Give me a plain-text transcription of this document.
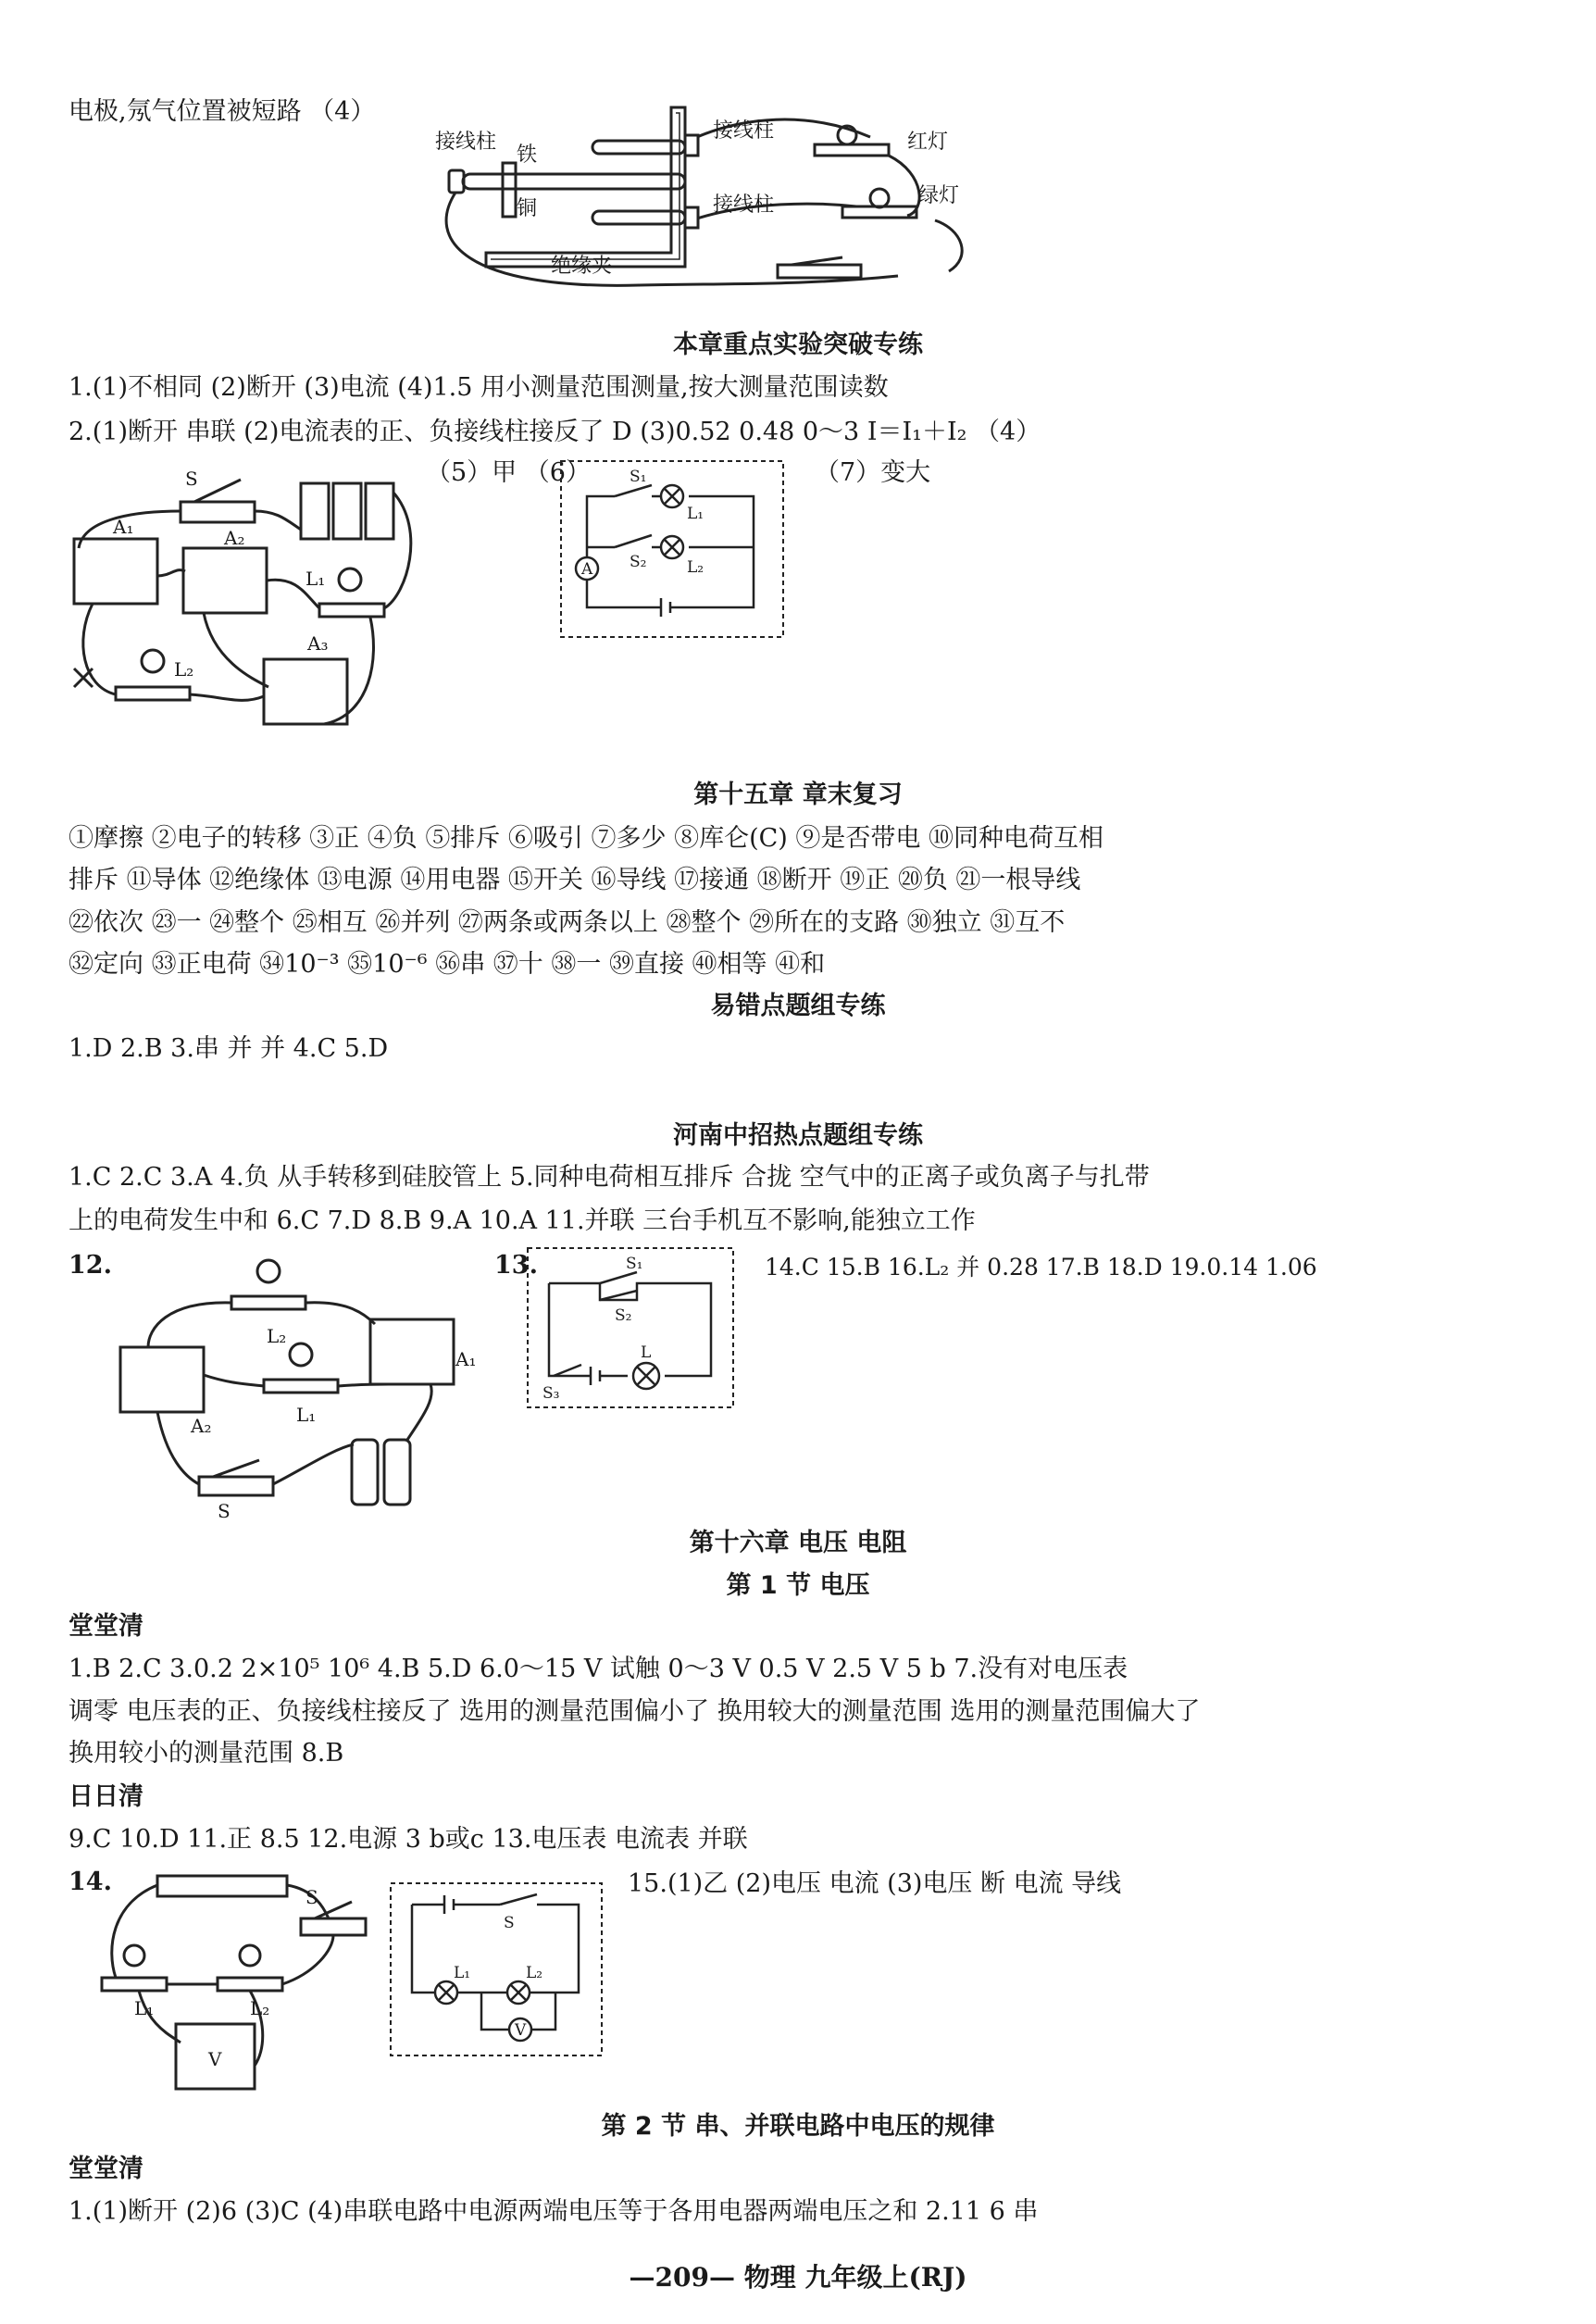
电极,氖气位置被短路 （4）
接线柱
铁
铜
接线柱	红灯
接线柱	绿灯
绝缘夹
本章重点实验突破专练
1.(1)不相同 (2)断开 (3)电流 (4)1.5 用小测量范围测量,按大测量范围读数
2.(1)断开 串联 (2)电流表的正、负接线柱接反了 D (3)0.52 0.48 0～3 I＝I₁＋I₂ （4）
（5）甲 （6）	（7）变大
S
A₁	A₂
A₃
L₁
L₂
S₁
S₂
L₁
L₂
A
第十五章 章末复习
①摩擦 ②电子的转移 ③正 ④负 ⑤排斥 ⑥吸引 ⑦多少 ⑧库仑(C) ⑨是否带电 ⑩同种电荷互相
排斥 ⑪导体 ⑫绝缘体 ⑬电源 ⑭用电器 ⑮开关 ⑯导线 ⑰接通 ⑱断开 ⑲正 ⑳负 ㉑一根导线
㉒依次 ㉓一 ㉔整个 ㉕相互 ㉖并列 ㉗两条或两条以上 ㉘整个 ㉙所在的支路 ㉚独立 ㉛互不
㉜定向 ㉝正电荷 ㉞10⁻³ ㉟10⁻⁶ ㊱串 ㊲十 ㊳一 ㊴直接 ㊵相等 ㊶和
易错点题组专练
1.D 2.B 3.串 并 并 4.C 5.D
河南中招热点题组专练
1.C 2.C 3.A 4.负 从手转移到硅胶管上 5.同种电荷相互排斥 合拢 空气中的正离子或负离子与扎带
上的电荷发生中和 6.C 7.D 8.B 9.A 10.A 11.并联 三台手机互不影响,能独立工作
12.	13.	14.C 15.B 16.L₂ 并 0.28 17.B 18.D 19.0.14 1.06
L₂
L₁
A₁
A₂
S
S₁
S₂
S₃
L
第十六章 电压 电阻
第 1 节 电压
堂堂清
1.B 2.C 3.0.2 2×10⁵ 10⁶ 4.B 5.D 6.0～15 V 试触 0～3 V 0.5 V 2.5 V 5 b 7.没有对电压表
调零 电压表的正、负接线柱接反了 选用的测量范围偏小了 换用较大的测量范围 选用的测量范围偏大了
换用较小的测量范围 8.B
日日清
9.C 10.D 11.正 8.5 12.电源 3 b或c 13.电压表 电流表 并联
14.	15.(1)乙 (2)电压 电流 (3)电压 断 电流 导线
S
L₁	L₂
V
S
L₁	L₂
V
第 2 节 串、并联电路中电压的规律
堂堂清
1.(1)断开 (2)6 (3)C (4)串联电路中电源两端电压等于各用电器两端电压之和 2.11 6 串
—209— 物理 九年级上(RJ)
